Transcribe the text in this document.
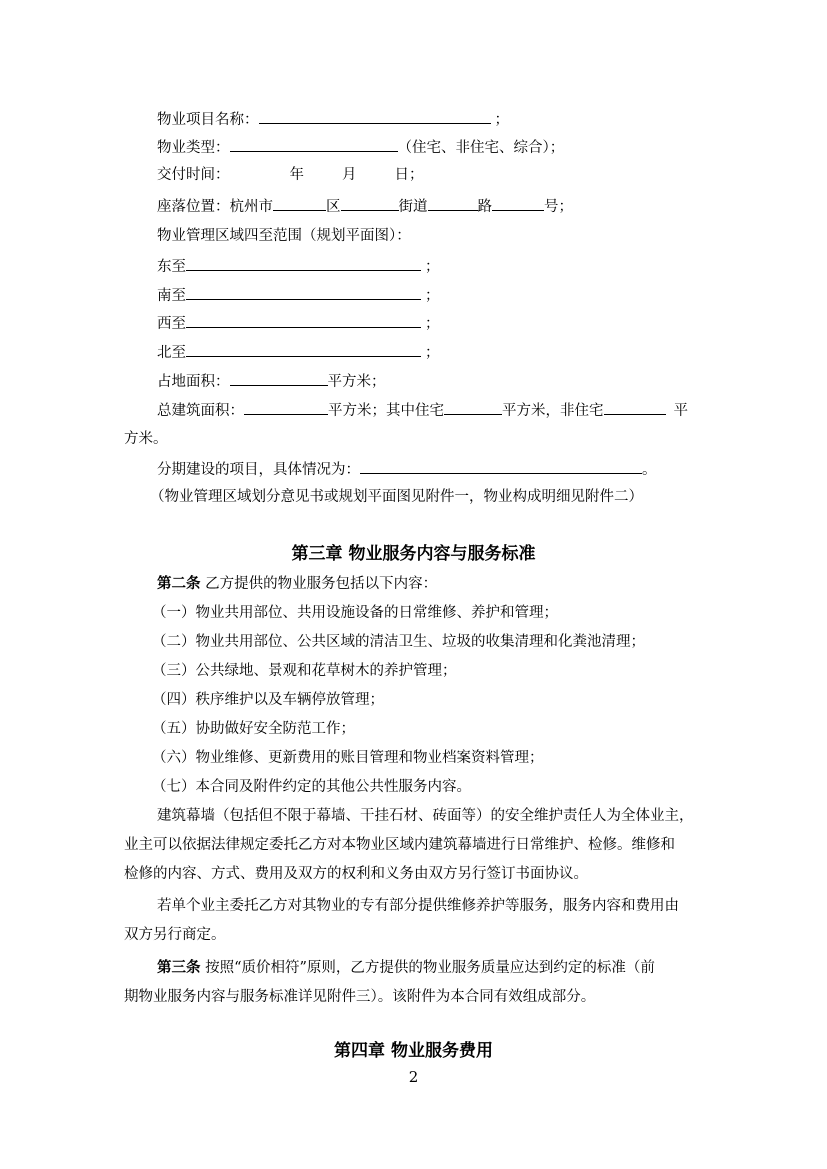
物业项目名称：	；
物业类型：	（住宅、非住宅、综合）；
交付时间：	年	月	日；
座落位置：杭州市	区	街道	路	号；
物业管理区域四至范围（规划平面图）：
东至	；
南至	；
西至	；
北至	；
占地面积：	平方米；
总建筑面积：	平方米；其中住宅	平方米，非住宅	平
方米。
分期建设的项目，具体情况为：	。
（物业管理区域划分意见书或规划平面图见附件一，物业构成明细见附件二）
第三章 物业服务内容与服务标准
第二条 乙方提供的物业服务包括以下内容：
（一）物业共用部位、共用设施设备的日常维修、养护和管理；
（二）物业共用部位、公共区域的清洁卫生、垃圾的收集清理和化粪池清理；
（三）公共绿地、景观和花草树木的养护管理；
（四）秩序维护以及车辆停放管理；
（五）协助做好安全防范工作；
（六）物业维修、更新费用的账目管理和物业档案资料管理；
（七）本合同及附件约定的其他公共性服务内容。
建筑幕墙（包括但不限于幕墙、干挂石材、砖面等）的安全维护责任人为全体业主，
业主可以依据法律规定委托乙方对本物业区域内建筑幕墙进行日常维护、检修。维修和
检修的内容、方式、费用及双方的权利和义务由双方另行签订书面协议。
若单个业主委托乙方对其物业的专有部分提供维修养护等服务，服务内容和费用由
双方另行商定。
第三条 按照“质价相符”原则，乙方提供的物业服务质量应达到约定的标准（前
期物业服务内容与服务标准详见附件三）。该附件为本合同有效组成部分。
第四章 物业服务费用
2
